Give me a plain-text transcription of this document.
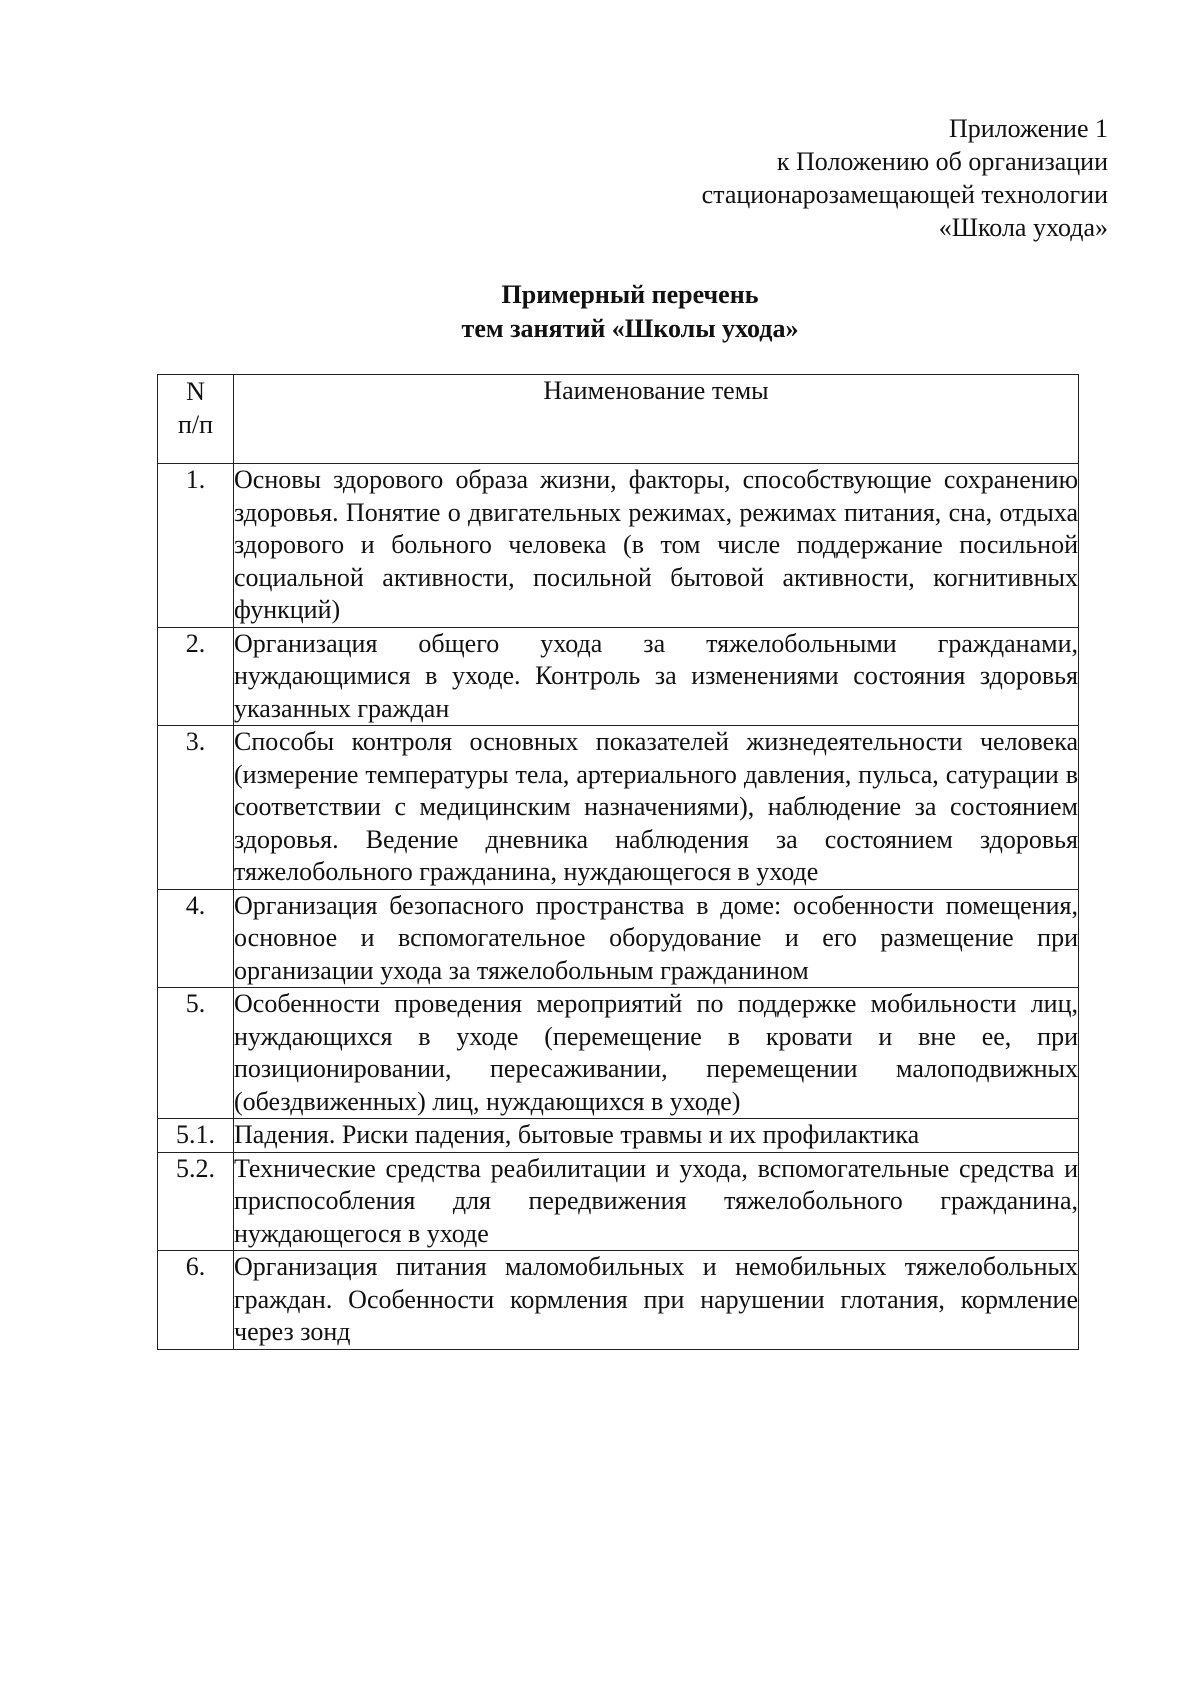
Приложение 1
к Положению об организации
стационарозамещающей технологии
«Школа ухода»
Примерный перечень
тем занятий «Школы ухода»
N
п/п	Наименование темы
1.	Основы здорового образа жизни, факторы, способствующие сохранению здоровья. Понятие о двигательных режимах, режимах питания, сна, отдыха здорового и больного человека (в том числе поддержание посильной социальной активности, посильной бытовой активности, когнитивных функций)
2.	Организация общего ухода за тяжелобольными гражданами, нуждающимися в уходе. Контроль за изменениями состояния здоровья указанных граждан
3.	Способы контроля основных показателей жизнедеятельности человека (измерение температуры тела, артериального давления, пульса, сатурации в соответствии с медицинским назначениями), наблюдение за состоянием здоровья. Ведение дневника наблюдения за состоянием здоровья тяжелобольного гражданина, нуждающегося в уходе
4.	Организация безопасного пространства в доме: особенности помещения, основное и вспомогательное оборудование и его размещение при организации ухода за тяжелобольным гражданином
5.	Особенности проведения мероприятий по поддержке мобильности лиц, нуждающихся в уходе (перемещение в кровати и вне ее, при позиционировании, пересаживании, перемещении малоподвижных (обездвиженных) лиц, нуждающихся в уходе)
5.1.	Падения. Риски падения, бытовые травмы и их профилактика
5.2.	Технические средства реабилитации и ухода, вспомогательные средства и приспособления для передвижения тяжелобольного гражданина, нуждающегося в уходе
6.	Организация питания маломобильных и немобильных тяжелобольных граждан. Особенности кормления при нарушении глотания, кормление через зонд
